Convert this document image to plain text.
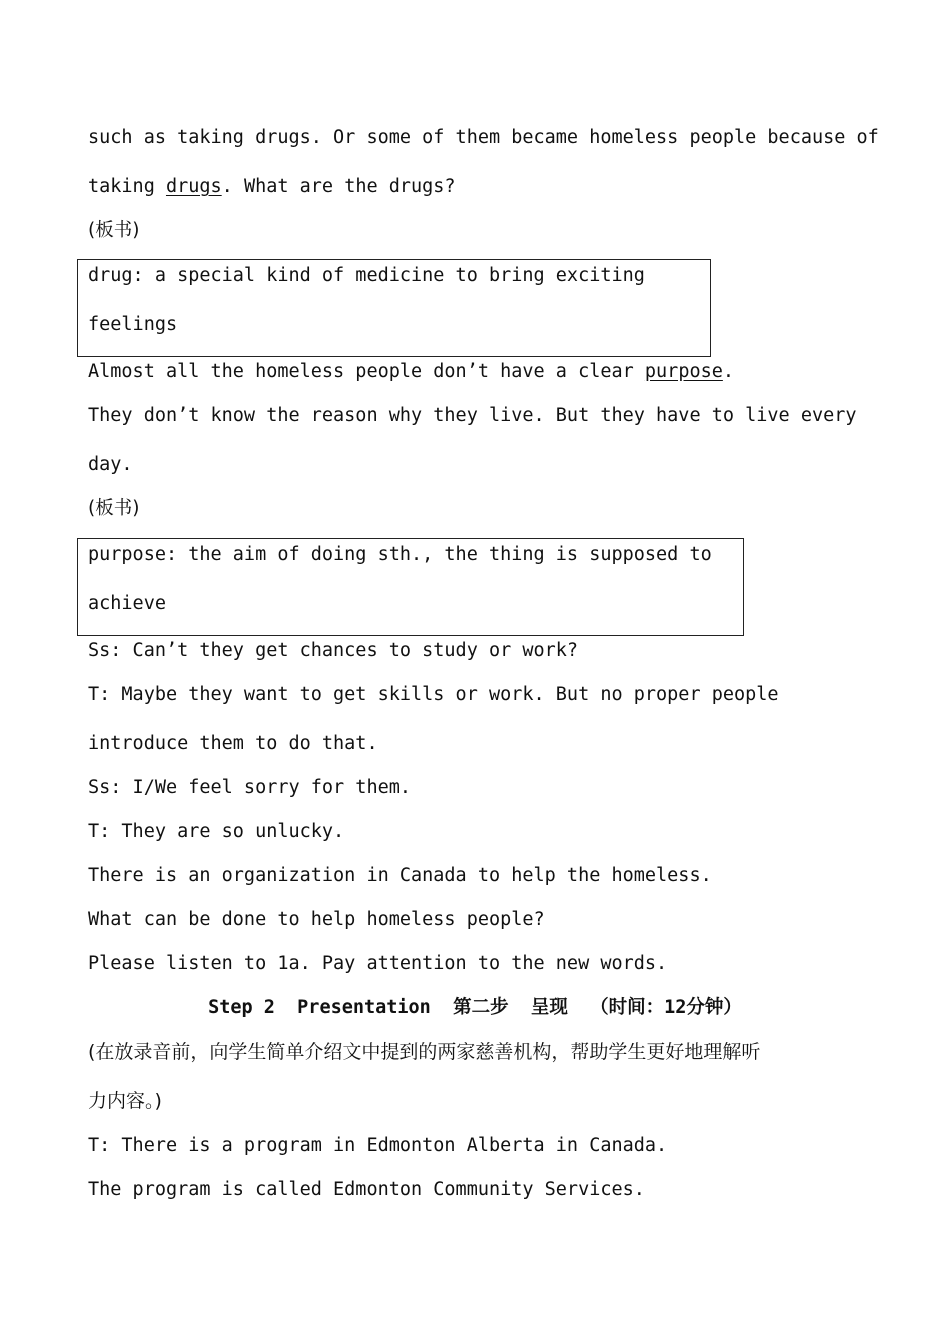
such as taking drugs. Or some of them became homeless people because of
taking drugs. What are the drugs?
(板书)
drug: a special kind of medicine to bring exciting
feelings
Almost all the homeless people don’t have a clear purpose.
They don’t know the reason why they live. But they have to live every
day.
(板书)
purpose: the aim of doing sth., the thing is supposed to
achieve
Ss: Can’t they get chances to study or work?
T: Maybe they want to get skills or work. But no proper people
introduce them to do that.
Ss: I/We feel sorry for them.
T: They are so unlucky.
There is an organization in Canada to help the homeless.
What can be done to help homeless people?
Please listen to 1a. Pay attention to the new words.
Step 2  Presentation  第二步  呈现  （时间：12分钟）
(在放录音前，向学生简单介绍文中提到的两家慈善机构，帮助学生更好地理解听
力内容。)
T: There is a program in Edmonton Alberta in Canada.
The program is called Edmonton Community Services.
